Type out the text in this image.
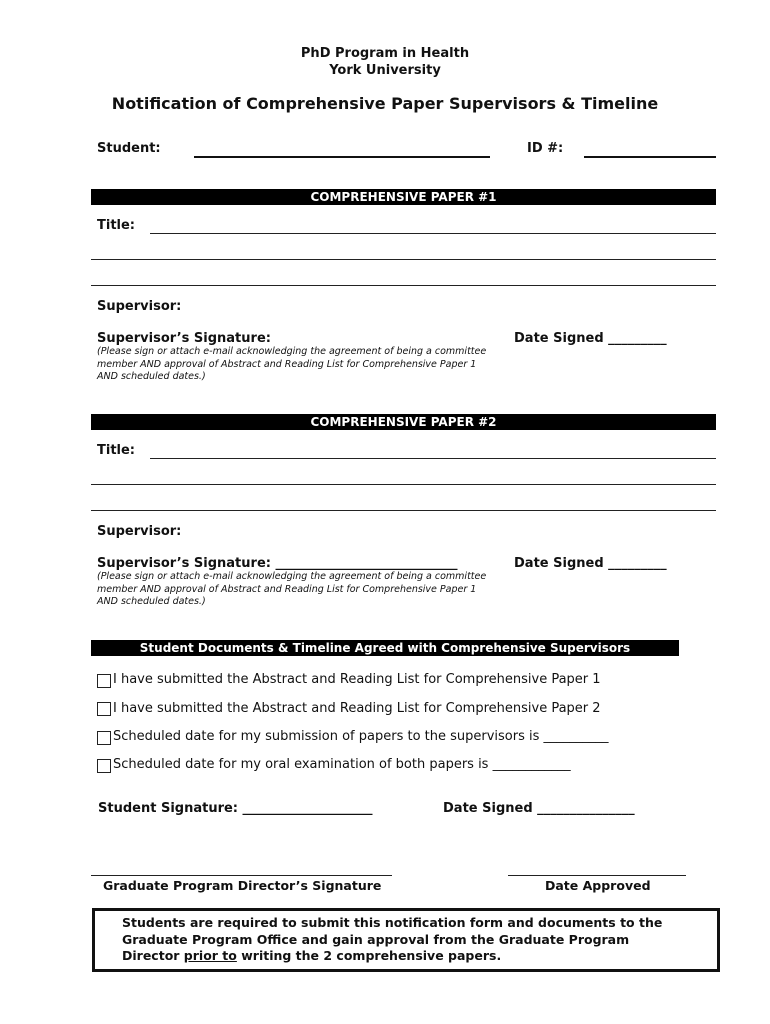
PhD Program in Health
York University
Notification of Comprehensive Paper Supervisors & Timeline
Student:	ID #:
COMPREHENSIVE PAPER #1
Title:
Supervisor:
Supervisor’s Signature:	Date Signed _________
(Please sign or attach e-mail acknowledging the agreement of being a committee
member AND approval of Abstract and Reading List for Comprehensive Paper 1
AND scheduled dates.)
COMPREHENSIVE PAPER #2
Title:
Supervisor:
Supervisor’s Signature: ____________________________	Date Signed _________
(Please sign or attach e-mail acknowledging the agreement of being a committee
member AND approval of Abstract and Reading List for Comprehensive Paper 1
AND scheduled dates.)
Student Documents & Timeline Agreed with Comprehensive Supervisors
I have submitted the Abstract and Reading List for Comprehensive Paper 1
I have submitted the Abstract and Reading List for Comprehensive Paper 2
Scheduled date for my submission of papers to the supervisors is __________
Scheduled date for my oral examination of both papers is ____________
Student Signature: ____________________	Date Signed _______________
Graduate Program Director’s Signature	Date Approved
Students are required to submit this notification form and documents to the
Graduate Program Office and gain approval from the Graduate Program
Director prior to writing the 2 comprehensive papers.
